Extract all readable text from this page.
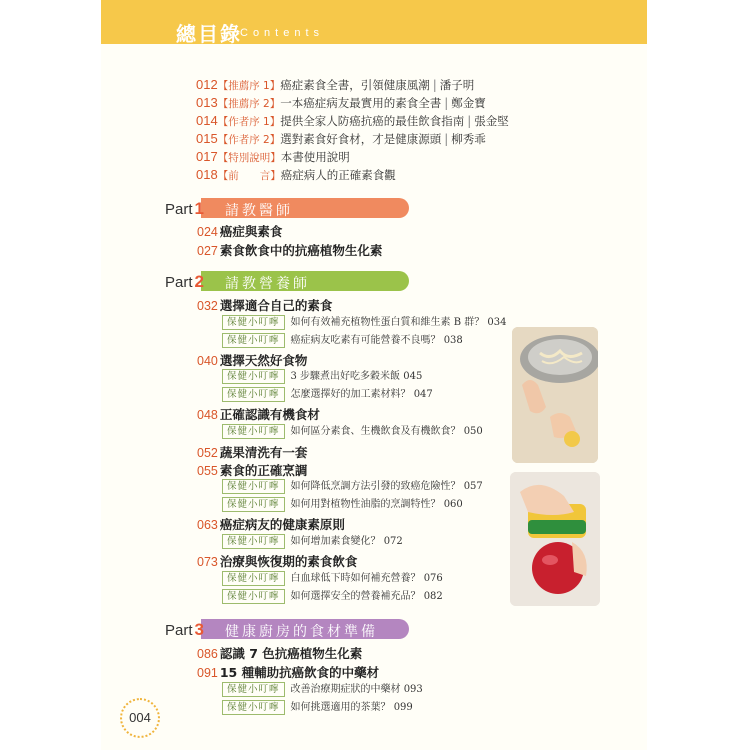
總目錄
Contents
012【推薦序 1】癌症素食全書，引領健康風潮 | 潘子明
013【推薦序 2】一本癌症病友最實用的素食全書 | 鄭金寶
014【作者序 1】提供全家人防癌抗癌的最佳飲食指南 | 張金堅
015【作者序 2】選對素食好食材，才是健康源頭 | 柳秀乖
017【特別說明】本書使用說明
018【前　　言】癌症病人的正確素食觀
Part 1 請教醫師
024 癌症與素食
027 素食飲食中的抗癌植物生化素
Part 2 請教營養師
032 選擇適合自己的素食
保健小叮嚀 如何有效補充植物性蛋白質和維生素 B 群？ 034
保健小叮嚀 癌症病友吃素有可能營養不良嗎？ 038
040 選擇天然好食物
保健小叮嚀 3 步驟煮出好吃多穀米飯 045
保健小叮嚀 怎麼選擇好的加工素材料？ 047
048 正確認識有機食材
保健小叮嚀 如何區分素食、生機飲食及有機飲食？ 050
052 蔬果清洗有一套
055 素食的正確烹調
保健小叮嚀 如何降低烹調方法引發的致癌危險性？ 057
保健小叮嚀 如何用對植物性油脂的烹調特性？ 060
063 癌症病友的健康素原則
保健小叮嚀 如何增加素食變化？ 072
073 治療與恢復期的素食飲食
保健小叮嚀 白血球低下時如何補充營養？ 076
保健小叮嚀 如何選擇安全的營養補充品？ 082
Part 3 健康廚房的食材準備
086 認識 7 色抗癌植物生化素
091 15 種輔助抗癌飲食的中藥材
保健小叮嚀 改善治療期症狀的中藥材 093
保健小叮嚀 如何挑選適用的茶葉？ 099
004
